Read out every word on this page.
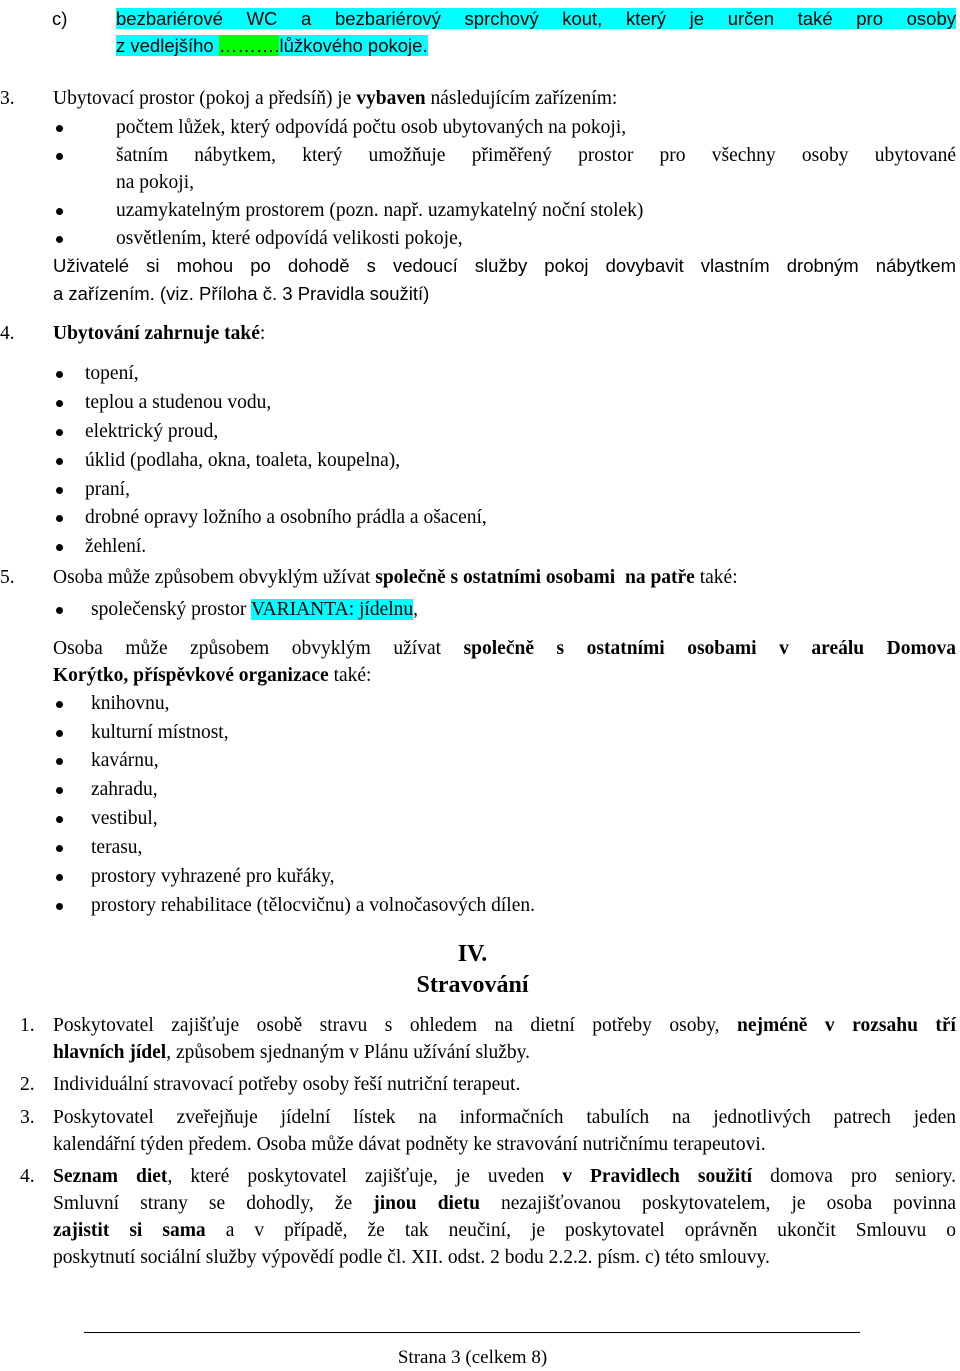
c)	bezbariérové WC a bezbariérový sprchový kout, který je určen také pro osoby
z vedlejšího ……….lůžkového pokoje.
3. Ubytovací prostor (pokoj a předsíň) je vybaven následujícím zařízením:
počtem lůžek, který odpovídá počtu osob ubytovaných na pokoji,
šatním nábytkem, který umožňuje přiměřený prostor pro všechny osoby ubytované
na pokoji,
uzamykatelným prostorem (pozn. např. uzamykatelný noční stolek)
osvětlením, které odpovídá velikosti pokoje,
Uživatelé si mohou po dohodě s vedoucí služby pokoj dovybavit vlastním drobným nábytkem
a zařízením. (viz. Příloha č. 3 Pravidla soužití)
4. Ubytování zahrnuje také:
topení,
teplou a studenou vodu,
elektrický proud,
úklid (podlaha, okna, toaleta, koupelna),
praní,
drobné opravy ložního a osobního prádla a ošacení,
žehlení.
5. Osoba může způsobem obvyklým užívat společně s ostatními osobami na patře také:
společenský prostor VARIANTA: jídelnu,
Osoba může způsobem obvyklým užívat společně s ostatními osobami v areálu Domova
Korýtko, příspěvkové organizace také:
knihovnu,
kulturní místnost,
kavárnu,
zahradu,
vestibul,
terasu,
prostory vyhrazené pro kuřáky,
prostory rehabilitace (tělocvičnu) a volnočasových dílen.
IV.
Stravování
1. Poskytovatel zajišťuje osobě stravu s ohledem na dietní potřeby osoby, nejméně v rozsahu tří
hlavních jídel, způsobem sjednaným v Plánu užívání služby.
2. Individuální stravovací potřeby osoby řeší nutriční terapeut.
3. Poskytovatel zveřejňuje jídelní lístek na informačních tabulích na jednotlivých patrech jeden
kalendářní týden předem. Osoba může dávat podněty ke stravování nutričnímu terapeutovi.
4. Seznam diet, které poskytovatel zajišťuje, je uveden v Pravidlech soužití domova pro seniory.
Smluvní strany se dohodly, že jinou dietu nezajišťovanou poskytovatelem, je osoba povinna
zajistit si sama a v případě, že tak neučiní, je poskytovatel oprávněn ukončit Smlouvu o
poskytnutí sociální služby výpovědí podle čl. XII. odst. 2 bodu 2.2.2. písm. c) této smlouvy.
Strana 3 (celkem 8)
